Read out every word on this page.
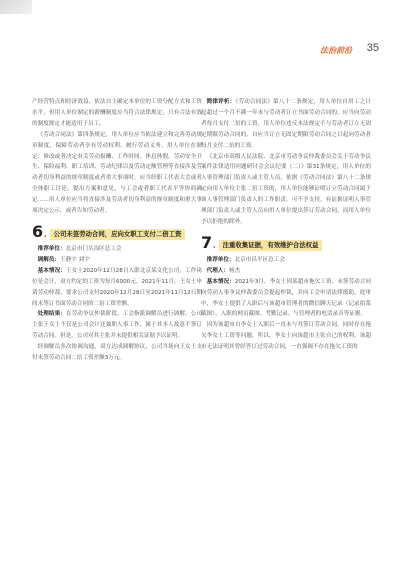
法治前沿 35

产经营特点和经济效益、依法自主确定本单位的工资分配方式和工资水平。但用人单位制定的薪酬制度应当符合法律规定，只有合法有效的制度规定才能适用于员工。

《劳动合同法》第四条规定，用人单位应当依法建立和完善劳动规章制度，保障劳动者享有劳动权利、履行劳动义务。用人单位在制定、修改或者决定有关劳动报酬、工作时间、休息休假、劳动安全卫生、保险福利、职工培训、劳动纪律以及劳动定额管理等直接涉及劳动者切身利益的规章制度或者重大事项时，应当经职工代表大会或者全体职工讨论，提出方案和意见，与工会或者职工代表平等协商确定……用人单位应当将直接涉及劳动者切身利益的规章制度和重大事项决定公示，或者告知劳动者。

6 . 公司未签劳动合同，应向女职工支付二倍工资

推荐单位：北京市门头沟区总工会

调解员：王静宇 刘宇

基本情况：王女士2020年12月28日入职北京某文化公司，工作岗位是会计，双方约定的工资为每月6000元。2021年11月，王女士申请劳动仲裁，要求公司支付2020年12月28日至2021年11月12日期间未签订书面劳动合同的二倍工资差额。

处理结果：在劳动争议仲裁阶段，工会指派调解员进行调解。公司主张王女士不仅是公司会计还兼职人事工作，属于其本人故意不签订劳动合同。但是，公司对其主张并未提供相关证据予以证明。

经调解员多次协调沟通，双方达成调解协议，公司当场向王女士支付未签劳动合同二倍工资差额3万元。

简律评析：《劳动合同法》第八十二条规定，用人单位自用工之日起超过一个月不满一年未与劳动者订立书面劳动合同的，应当向劳动者每月支付二倍的工资。用人单位违反本法规定不与劳动者订立无固定期限劳动合同的，自应当订立无固定期限劳动合同之日起向劳动者每月支付二倍的工资。

《北京市高级人民法院、北京市劳动争议仲裁委员会关于劳动争议案件法律适用问题研讨会会议纪要（二）》第31条规定，用人单位的人事管理部门负责人或主管人员，依据《劳动合同法》第八十二条规定向用人单位主张二倍工资的，用人单位能够证明订立劳动合同属于该人事管理部门负责人的工作职责，可不予支持。有证据证明人事管理部门负责人或主管人员向用人单位提出签订劳动合同，而用人单位予以拒绝的除外。

7 . 注重收集证据，有效维护合法权益

推荐单位：北京市昌平区总工会

代理人：杨杰

基本情况：2021年3月，李女士因某超市拖欠工资，未签劳动合同向劳动人事争议仲裁委员会提起仲裁，并向工会申请法律援助。庭审中，李女士提供了入职后与该超市管理者的微信聊天记录（记录拍菜截图）、入职的网页截图、考勤记录、与管理者的电话录音等证据。

因为该超市自李女士入职后一直未与其签订劳动合同，同时存在拖欠李女士工资等问题，所以，李女士向该超市主张自己的权利。该超市无法证明其曾经答订过劳动合同，一直强调不存在拖欠工资的
